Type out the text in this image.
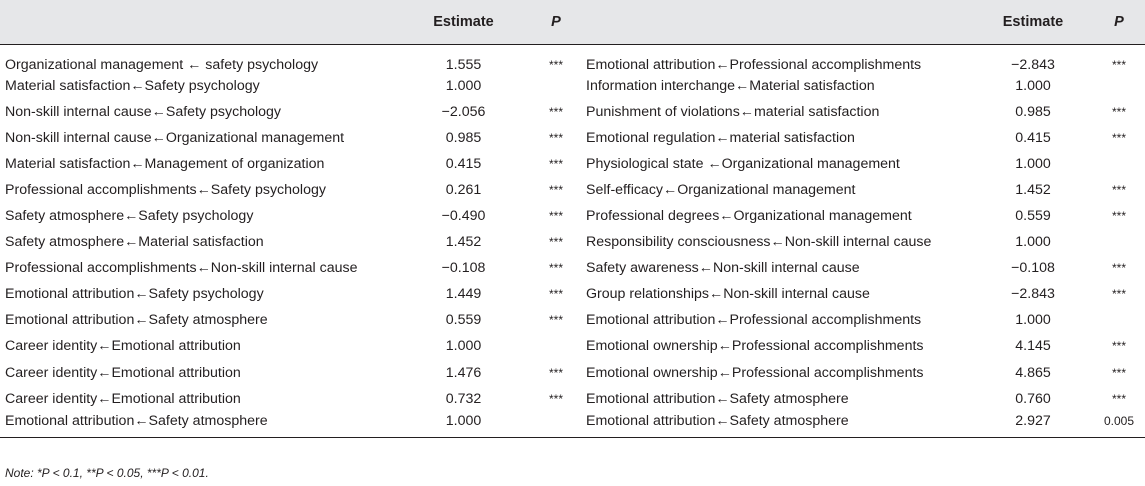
	Estimate	P		Estimate	P
Organizational management ← safety psychology	1.555	***	Emotional attribution←Professional accomplishments	−2.843	***
Material satisfaction←Safety psychology	1.000		Information interchange←Material satisfaction	1.000	
Non-skill internal cause←Safety psychology	−2.056	***	Punishment of violations←material satisfaction	0.985	***
Non-skill internal cause←Organizational management	0.985	***	Emotional regulation←material satisfaction	0.415	***
Material satisfaction←Management of organization	0.415	***	Physiological state ←Organizational management	1.000	
Professional accomplishments←Safety psychology	0.261	***	Self-efficacy←Organizational management	1.452	***
Safety atmosphere←Safety psychology	−0.490	***	Professional degrees←Organizational management	0.559	***
Safety atmosphere←Material satisfaction	1.452	***	Responsibility consciousness←Non-skill internal cause	1.000	
Professional accomplishments←Non-skill internal cause	−0.108	***	Safety awareness←Non-skill internal cause	−0.108	***
Emotional attribution←Safety psychology	1.449	***	Group relationships←Non-skill internal cause	−2.843	***
Emotional attribution←Safety atmosphere	0.559	***	Emotional attribution←Professional accomplishments	1.000	
Career identity←Emotional attribution	1.000		Emotional ownership←Professional accomplishments	4.145	***
Career identity←Emotional attribution	1.476	***	Emotional ownership←Professional accomplishments	4.865	***
Career identity←Emotional attribution	0.732	***	Emotional attribution←Safety atmosphere	0.760	***
Emotional attribution←Safety atmosphere	1.000		Emotional attribution←Safety atmosphere	2.927	0.005
Note: *P < 0.1, **P < 0.05, ***P < 0.01.
